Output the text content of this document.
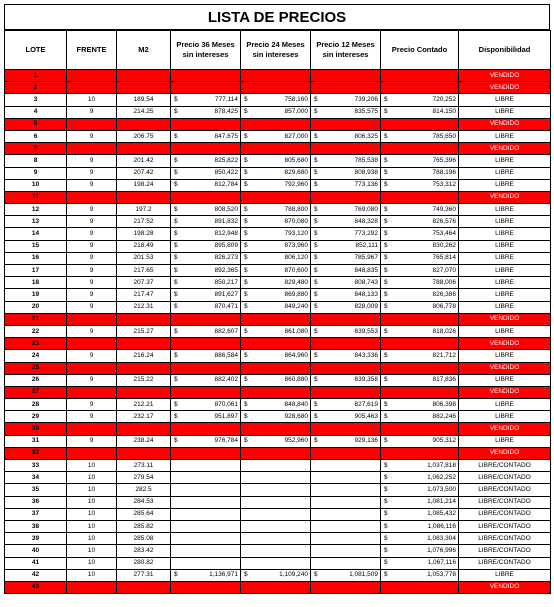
LISTA DE PRECIOS
LOTE	FRENTE	M2	Precio 36 Meses sin intereses	Precio 24 Meses sin intereses	Precio 12 Meses sin intereses	Precio Contado	Disponibilidad
1							VENDIDO
2							VENDIDO
3	10	189.54	$ 777,114	$ 758,160	$ 739,206	$ 720,252	LIBRE
4	9	214.25	$ 878,425	$ 857,000	$ 835,575	$ 814,150	LIBRE
5							VENDIDO
6	9	206.75	$ 847,675	$ 827,000	$ 806,325	$ 785,650	LIBRE
7							VENDIDO
8	9	201.42	$ 825,822	$ 805,680	$ 785,538	$ 765,396	LIBRE
9	9	207.42	$ 850,422	$ 829,680	$ 808,938	$ 788,196	LIBRE
10	9	198.24	$ 812,784	$ 792,960	$ 773,136	$ 753,312	LIBRE
11							VENDIDO
12	9	197.2	$ 808,520	$ 788,800	$ 769,080	$ 749,360	LIBRE
13	9	217.52	$ 891,832	$ 870,080	$ 848,328	$ 826,576	LIBRE
14	9	198.28	$ 812,948	$ 793,120	$ 773,292	$ 753,464	LIBRE
15	9	218.49	$ 895,809	$ 873,960	$ 852,111	$ 830,262	LIBRE
16	9	201.53	$ 826,273	$ 806,120	$ 785,967	$ 765,814	LIBRE
17	9	217.65	$ 892,365	$ 870,600	$ 848,835	$ 827,070	LIBRE
18	9	207.37	$ 850,217	$ 829,480	$ 808,743	$ 788,006	LIBRE
19	9	217.47	$ 891,627	$ 869,880	$ 848,133	$ 826,386	LIBRE
20	9	212.31	$ 870,471	$ 849,240	$ 828,009	$ 806,778	LIBRE
21							VENDIDO
22	9	215.27	$ 882,607	$ 861,080	$ 839,553	$ 818,026	LIBRE
23							VENDIDO
24	9	216.24	$ 886,584	$ 864,960	$ 843,336	$ 821,712	LIBRE
25							VENDIDO
26	9	215.22	$ 882,402	$ 860,880	$ 839,358	$ 817,836	LIBRE
27							VENDIDO
28	9	212.21	$ 870,061	$ 848,840	$ 827,619	$ 806,398	LIBRE
29	9	232.17	$ 951,897	$ 928,680	$ 905,463	$ 882,246	LIBRE
30							VENDIDO
31	9	238.24	$ 976,784	$ 952,960	$ 929,136	$ 905,312	LIBRE
32							VENDIDO
33	10	273.11				$ 1,037,818	LIBRE/CONTADO
34	10	279.54				$ 1,062,252	LIBRE/CONTADO
35	10	282.5				$ 1,073,500	LIBRE/CONTADO
36	10	284.53				$ 1,081,214	LIBRE/CONTADO
37	10	285.64				$ 1,085,432	LIBRE/CONTADO
38	10	285.82				$ 1,086,116	LIBRE/CONTADO
39	10	285.08				$ 1,083,304	LIBRE/CONTADO
40	10	283.42				$ 1,076,996	LIBRE/CONTADO
41	10	280.82				$ 1,067,116	LIBRE/CONTADO
42	10	277.31	$ 1,136,971	$ 1,109,240	$ 1,081,509	$ 1,053,778	LIBRE
43							VENDIDO
